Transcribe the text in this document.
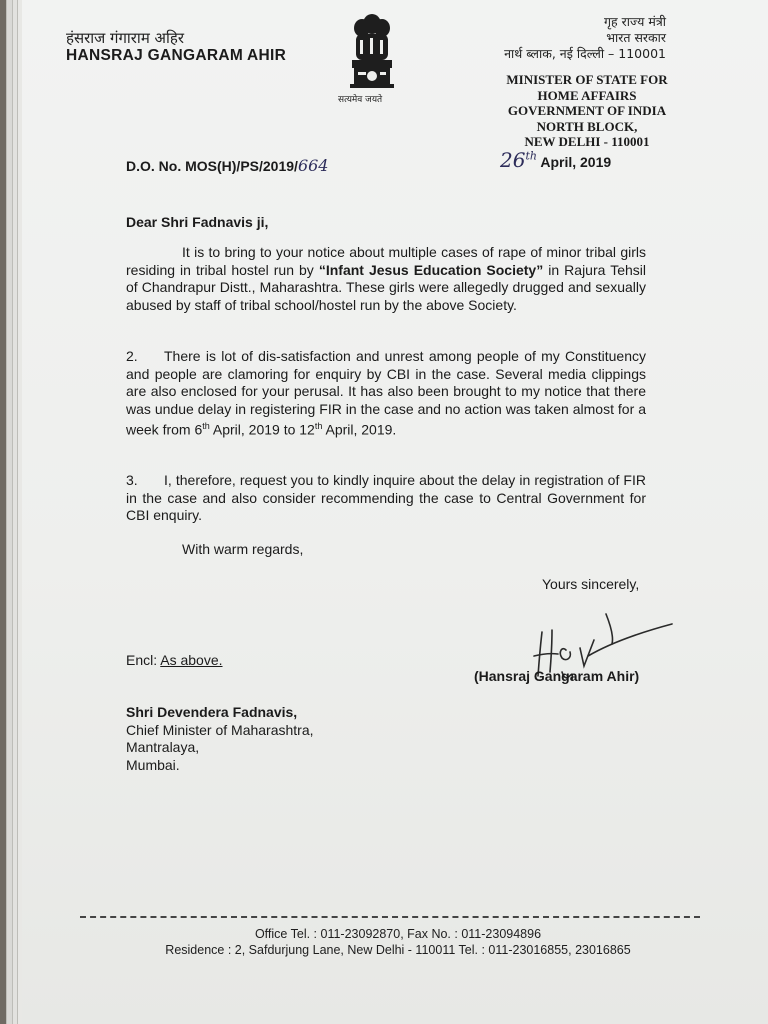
हंसराज गंगाराम अहिर
HANSRAJ GANGARAM AHIR
सत्यमेव जयते
गृह राज्य मंत्री
भारत सरकार
नार्थ ब्लाक, नई दिल्ली – 110001
MINISTER OF STATE FOR
HOME AFFAIRS
GOVERNMENT OF INDIA
NORTH BLOCK,
NEW DELHI - 110001
D.O. No. MOS(H)/PS/2019/664	26th April, 2019
Dear Shri Fadnavis ji,
It is to bring to your notice about multiple cases of rape of minor tribal girls residing in tribal hostel run by “Infant Jesus Education Society” in Rajura Tehsil of Chandrapur Distt., Maharashtra. These girls were allegedly drugged and sexually abused by staff of tribal school/hostel run by the above Society.
2. There is lot of dis-satisfaction and unrest among people of my Constituency and people are clamoring for enquiry by CBI in the case. Several media clippings are also enclosed for your perusal. It has also been brought to my notice that there was undue delay in registering FIR in the case and no action was taken almost for a week from 6th April, 2019 to 12th April, 2019.
3. I, therefore, request you to kindly inquire about the delay in registration of FIR in the case and also consider recommending the case to Central Government for CBI enquiry.
With warm regards,
Yours sincerely,
H.G.A.
Encl: As above.
(Hansraj Gangaram Ahir)
Shri Devendera Fadnavis,
Chief Minister of Maharashtra,
Mantralaya,
Mumbai.
Office Tel. : 011-23092870, Fax No. : 011-23094896
Residence : 2, Safdurjung Lane, New Delhi - 110011 Tel. : 011-23016855, 23016865
